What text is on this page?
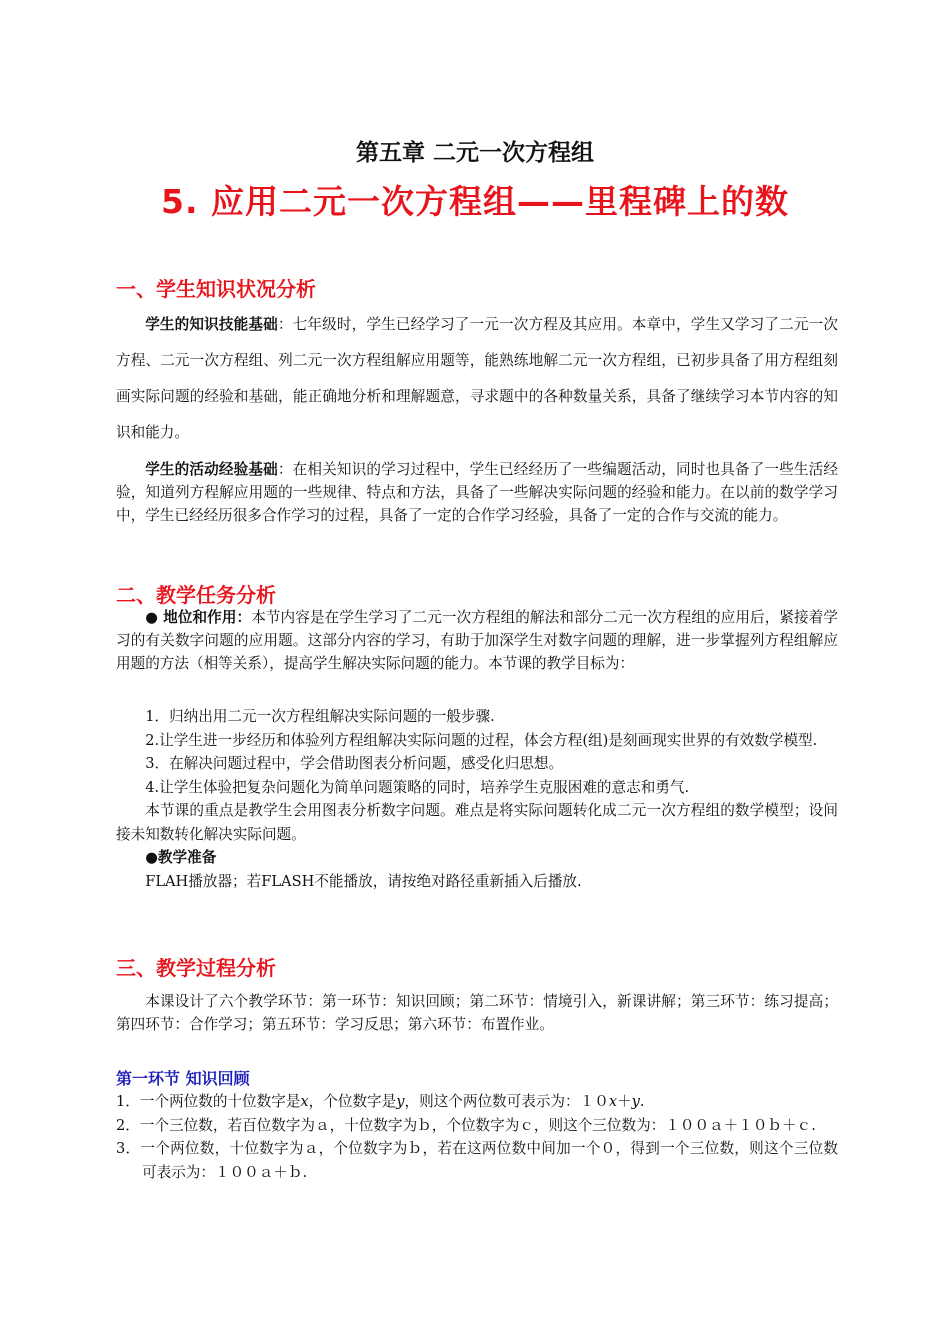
第五章 二元一次方程组
5. 应用二元一次方程组——里程碑上的数
一、学生知识状况分析

学生的知识技能基础：七年级时，学生已经学习了一元一次方程及其应用。本章中，学生又学习了二元一次方程、二元一次方程组、列二元一次方程组解应用题等，能熟练地解二元一次方程组，已初步具备了用方程组刻画实际问题的经验和基础，能正确地分析和理解题意，寻求题中的各种数量关系，具备了继续学习本节内容的知识和能力。

学生的活动经验基础：在相关知识的学习过程中，学生已经经历了一些编题活动，同时也具备了一些生活经验，知道列方程解应用题的一些规律、特点和方法，具备了一些解决实际问题的经验和能力。在以前的数学学习中，学生已经经历很多合作学习的过程，具备了一定的合作学习经验，具备了一定的合作与交流的能力。

二、教学任务分析

● 地位和作用：本节内容是在学生学习了二元一次方程组的解法和部分二元一次方程组的应用后，紧接着学习的有关数字问题的应用题。这部分内容的学习，有助于加深学生对数字问题的理解，进一步掌握列方程组解应用题的方法（相等关系），提高学生解决实际问题的能力。本节课的教学目标为：

1．归纳出用二元一次方程组解决实际问题的一般步骤.

2.让学生进一步经历和体验列方程组解决实际问题的过程，体会方程(组)是刻画现实世界的有效数学模型.

3．在解决问题过程中，学会借助图表分析问题，感受化归思想。

4.让学生体验把复杂问题化为简单问题策略的同时，培养学生克服困难的意志和勇气.

本节课的重点是教学生会用图表分析数字问题。难点是将实际问题转化成二元一次方程组的数学模型；设间接未知数转化解决实际问题。

●教学准备

FLAH播放器；若FLASH不能播放，请按绝对路径重新插入后播放.

三、教学过程分析

本课设计了六个教学环节：第一环节：知识回顾；第二环节：情境引入，新课讲解；第三环节：练习提高；第四环节：合作学习；第五环节：学习反思；第六环节：布置作业。

第一环节 知识回顾

1．一个两位数的十位数字是x，个位数字是y，则这个两位数可表示为：１０x＋y.

2．一个三位数，若百位数字为ａ，十位数字为ｂ，个位数字为ｃ，则这个三位数为：１００ａ＋１０ｂ＋ｃ.

3．一个两位数，十位数字为ａ，个位数字为ｂ，若在这两位数中间加一个０，得到一个三位数，则这个三位数可表示为：１００ａ＋ｂ.
